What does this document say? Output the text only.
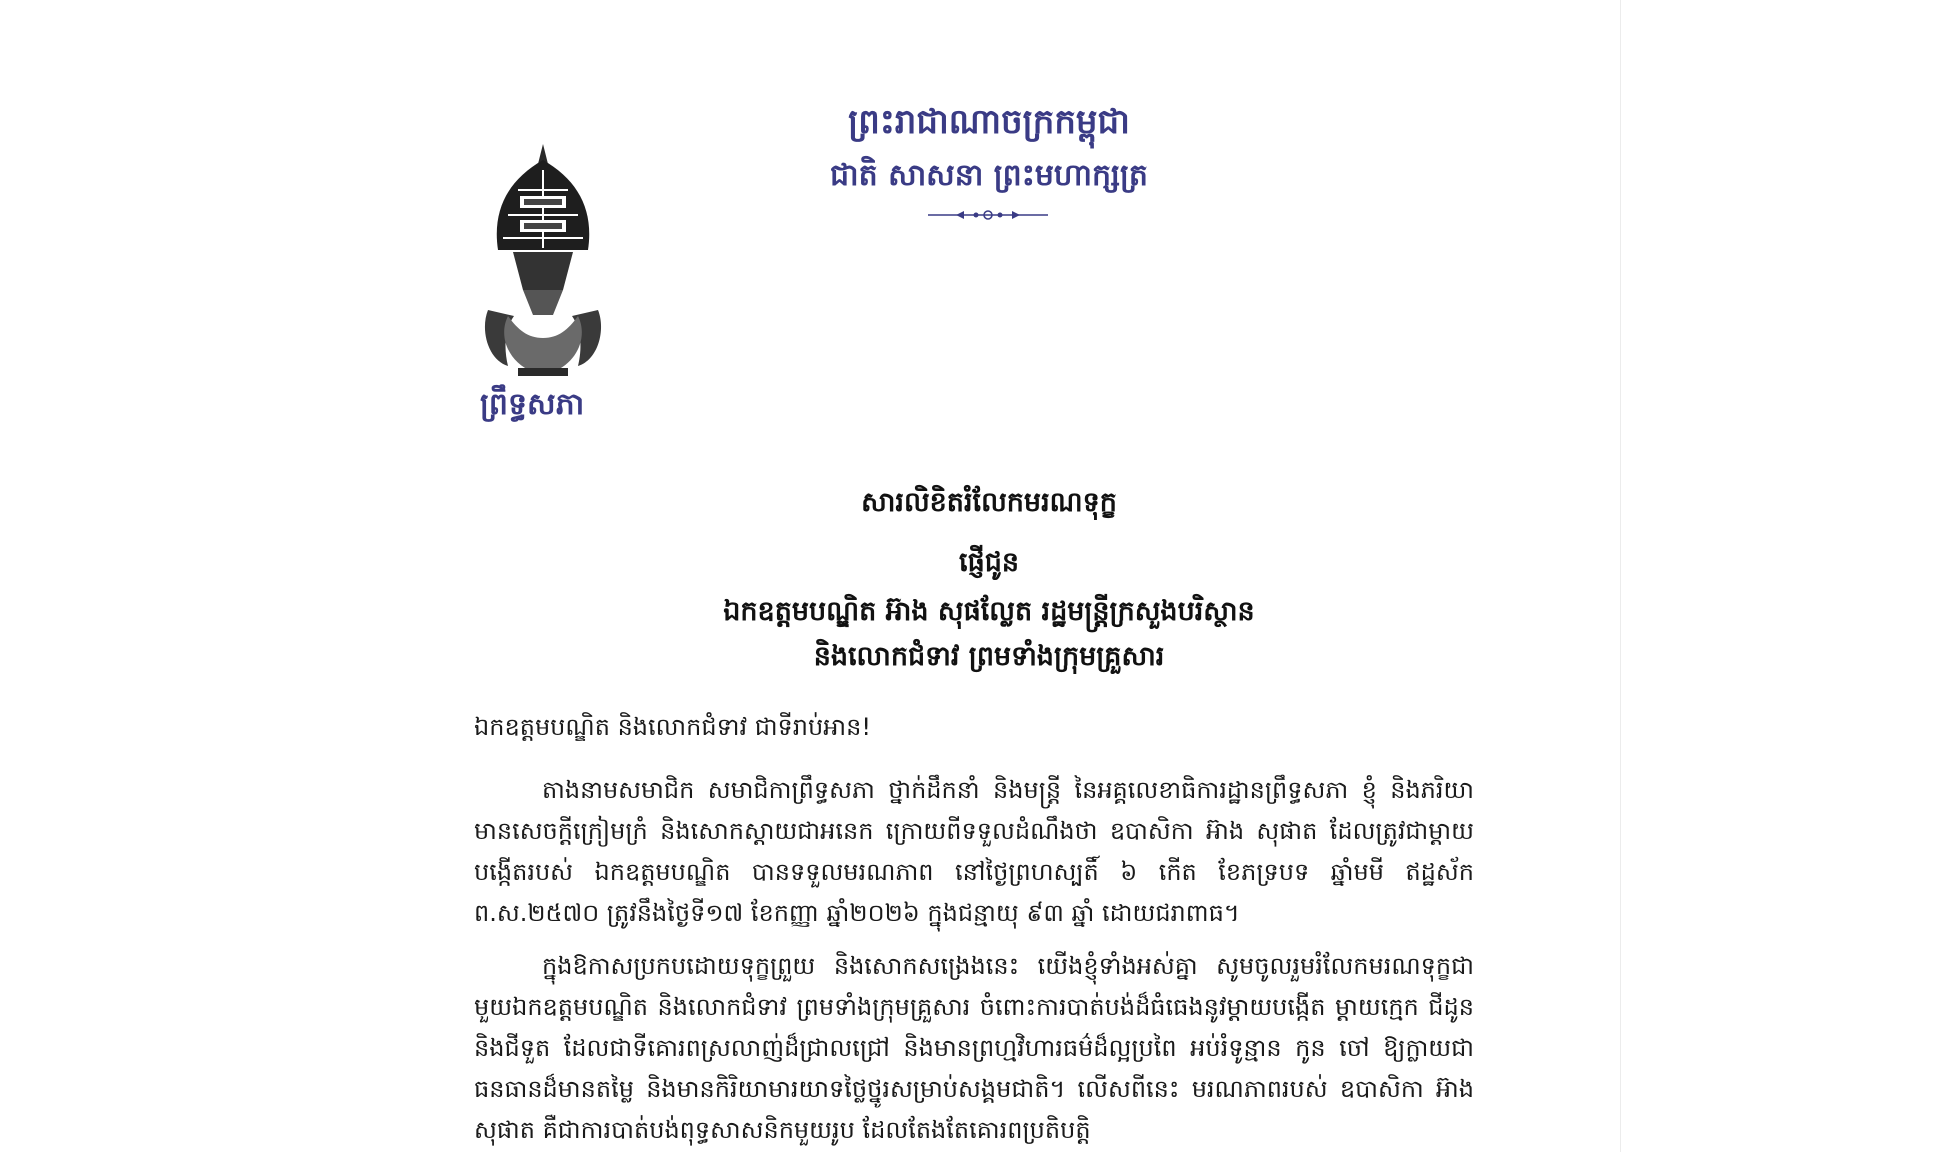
ព្រះរាជាណាចក្រកម្ពុជា
ជាតិ សាសនា ព្រះមហាក្សត្រ
ព្រឹទ្ធសភា
សារលិខិតរំលែកមរណទុក្ខ
ផ្ញើជូន
ឯកឧត្តមបណ្ឌិត អ៊ាង សុផល្លែត រដ្ឋមន្ត្រីក្រសួងបរិស្ថាន
និងលោកជំទាវ ព្រមទាំងក្រុមគ្រួសារ
ឯកឧត្តមបណ្ឌិត និងលោកជំទាវ ជាទីរាប់អាន!
តាងនាមសមាជិក សមាជិកាព្រឹទ្ធសភា ថ្នាក់ដឹកនាំ និងមន្ត្រី នៃអគ្គលេខាធិការដ្ឋានព្រឹទ្ធសភា ខ្ញុំ និងភរិយា មានសេចក្តីក្រៀមក្រំ និងសោកស្តាយជាអនេក ក្រោយពីទទួលដំណឹងថា ឧបាសិកា អ៊ាង សុផាត ដែលត្រូវជាម្តាយបង្កើតរបស់ ឯកឧត្តមបណ្ឌិត បានទទួលមរណភាព នៅថ្ងៃព្រហស្បតិ៍ ៦ កើត ខែភទ្របទ ឆ្នាំមមី ឥដ្ឋស័ក ព.ស.២៥៧០ ត្រូវនឹងថ្ងៃទី១៧ ខែកញ្ញា ឆ្នាំ២០២៦ ក្នុងជន្មាយុ ៩៣ ឆ្នាំ ដោយជរាពាធ។
ក្នុងឱកាសប្រកបដោយទុក្ខព្រួយ និងសោកសង្រេងនេះ យើងខ្ញុំទាំងអស់គ្នា សូមចូលរួមរំលែកមរណទុក្ខជាមួយឯកឧត្តមបណ្ឌិត និងលោកជំទាវ ព្រមទាំងក្រុមគ្រួសារ ចំពោះការបាត់បង់ដ៏ធំធេងនូវម្តាយបង្កើត ម្តាយក្មេក ជីដូន និងជីទួត ដែលជាទីគោរពស្រលាញ់ដ៏ជ្រាលជ្រៅ និងមានព្រហ្មវិហារធម៌ដ៏ល្អប្រពៃ អប់រំទូន្មាន កូន ចៅ ឱ្យក្លាយជាធនធានដ៏មានតម្លៃ និងមានកិរិយាមារយាទថ្លៃថ្នូរសម្រាប់សង្គមជាតិ។ លើសពីនេះ មរណភាពរបស់ ឧបាសិកា អ៊ាង សុផាត គឺជាការបាត់បង់ពុទ្ធសាសនិកមួយរូប ដែលតែងតែគោរពប្រតិបត្តិ
